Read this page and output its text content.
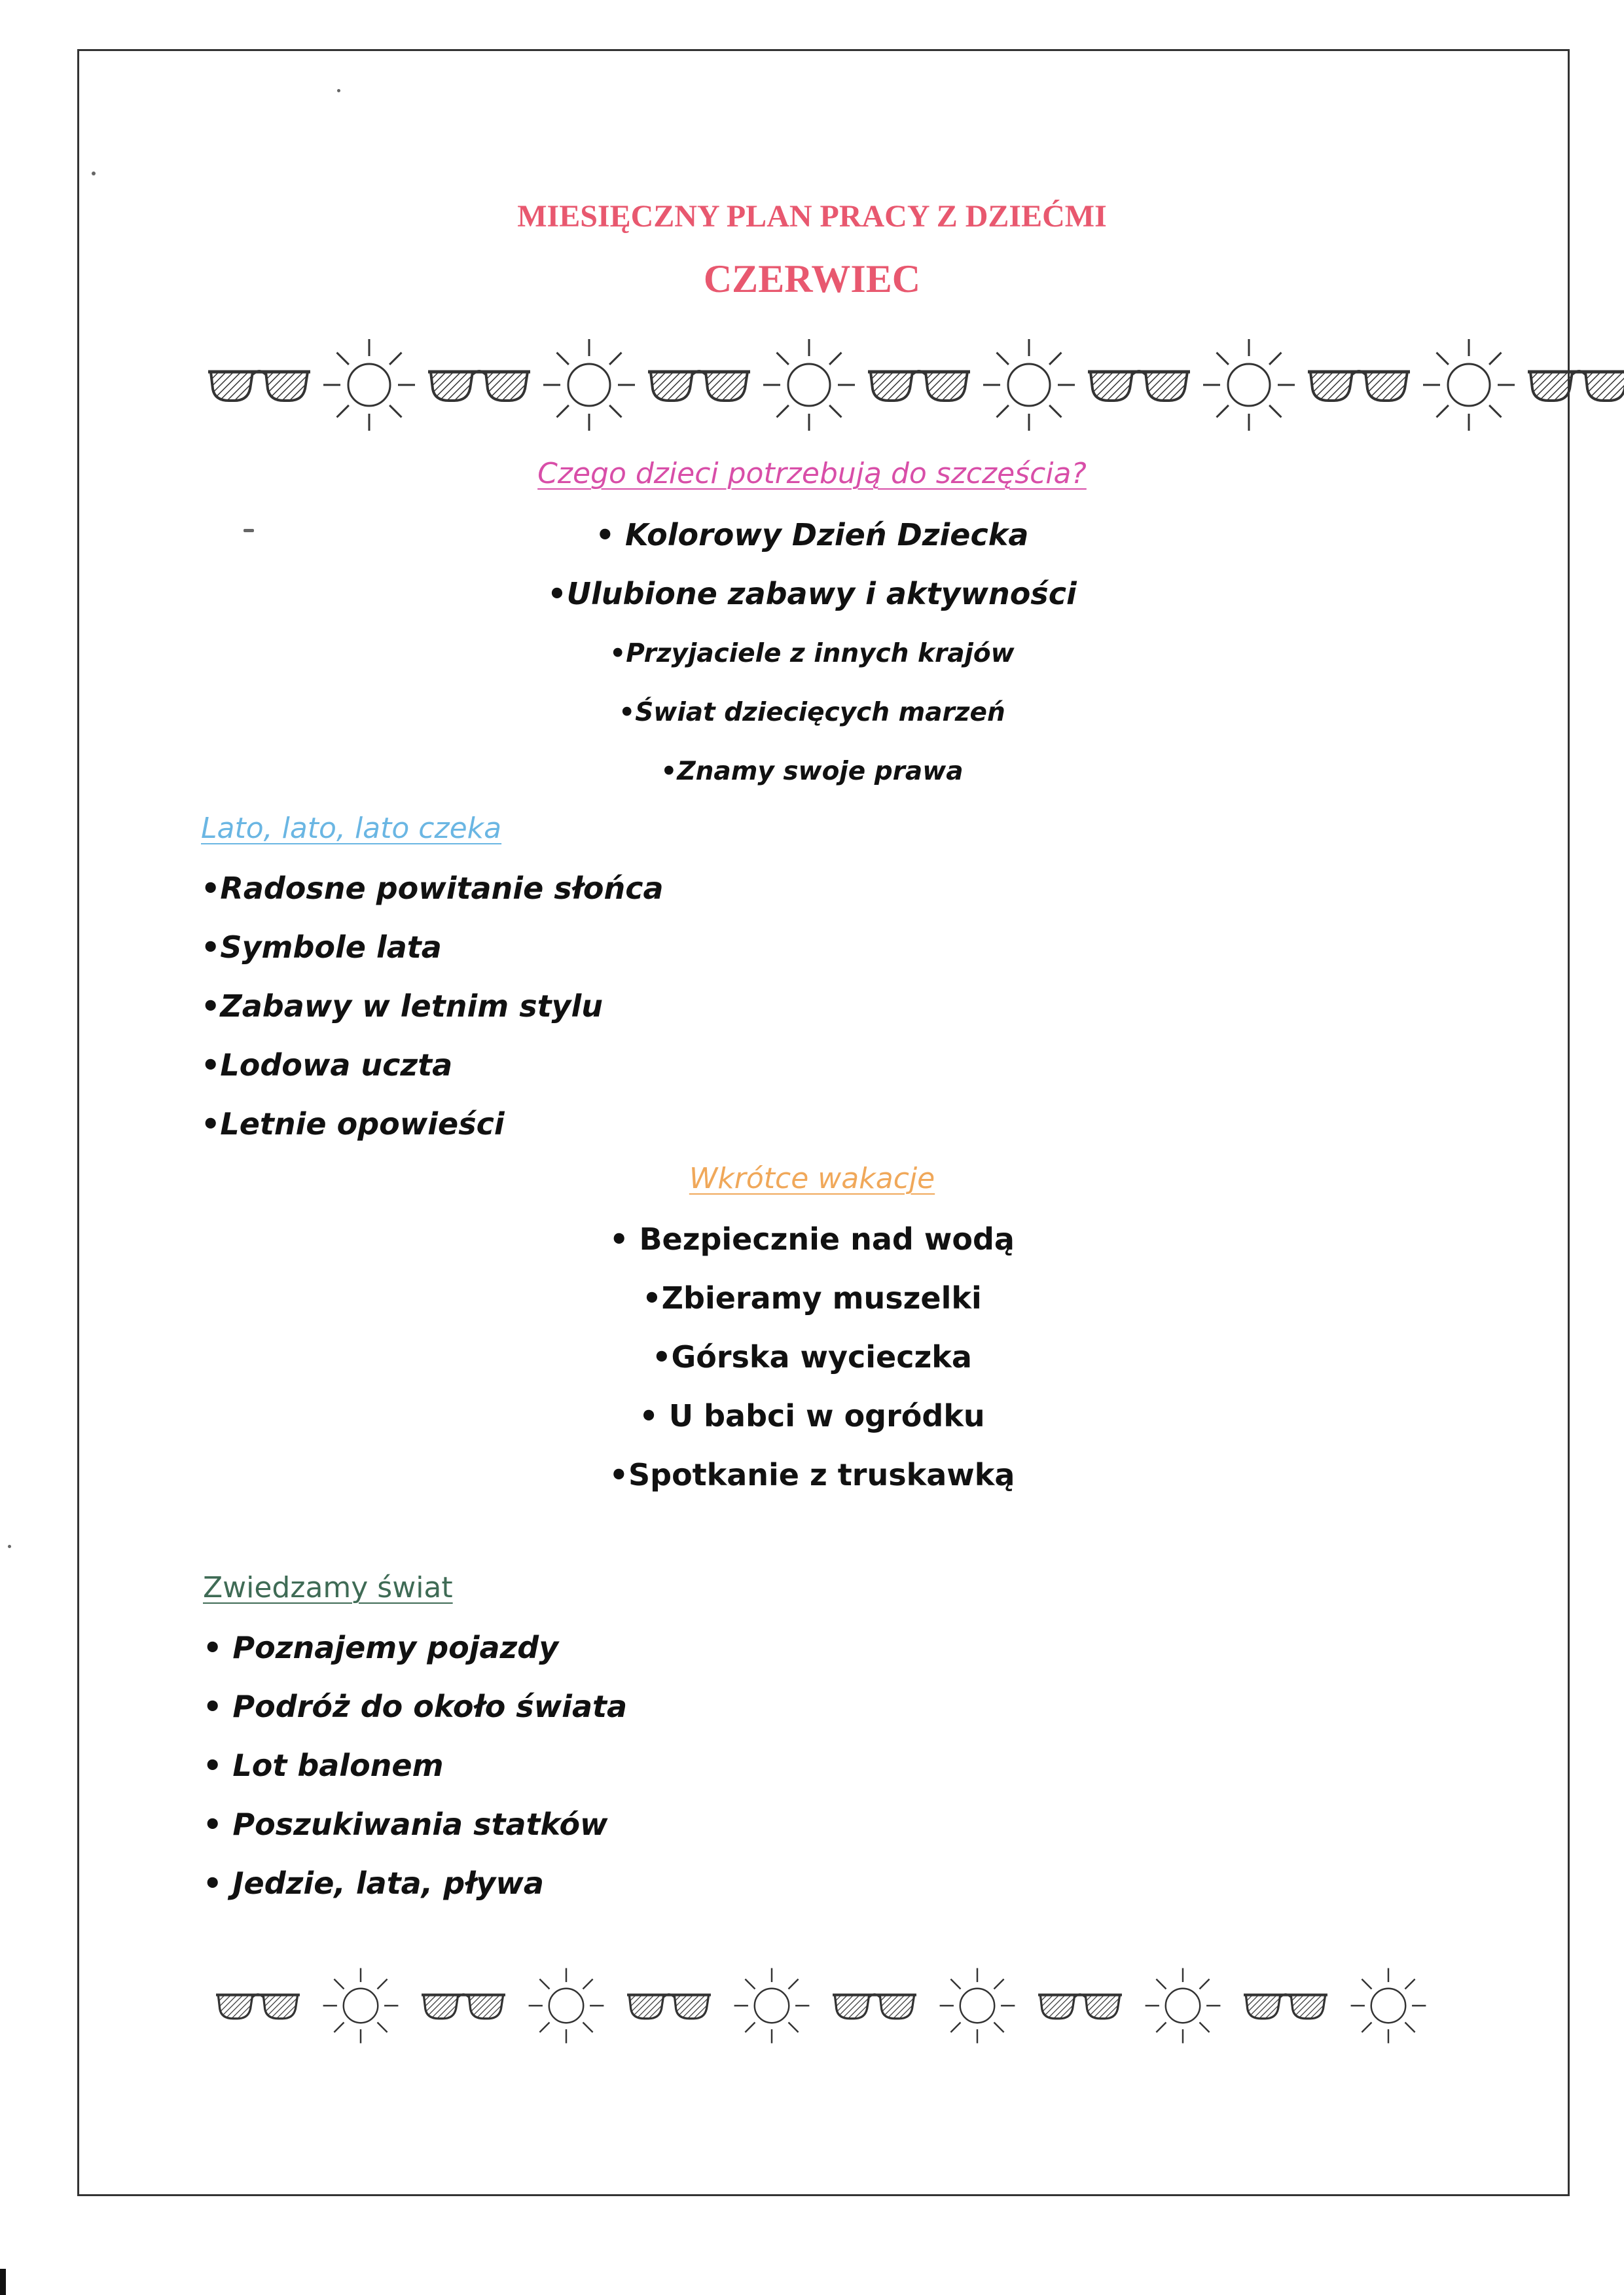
MIESIĘCZNY PLAN PRACY Z DZIEĆMI
CZERWIEC
Czego dzieci potrzebują do szczęścia?
• Kolorowy Dzień Dziecka
•Ulubione zabawy i aktywności
•Przyjaciele z innych krajów
•Świat dziecięcych marzeń
•Znamy swoje prawa
Lato, lato, lato czeka
•Radosne powitanie słońca
•Symbole lata
•Zabawy w letnim stylu
•Lodowa uczta
•Letnie opowieści
Wkrótce wakacje
• Bezpiecznie nad wodą
•Zbieramy muszelki
•Górska wycieczka
• U babci w ogródku
•Spotkanie z truskawką
Zwiedzamy świat
• Poznajemy pojazdy
• Podróż do około świata
• Lot balonem
• Poszukiwania statków
• Jedzie, lata, pływa
